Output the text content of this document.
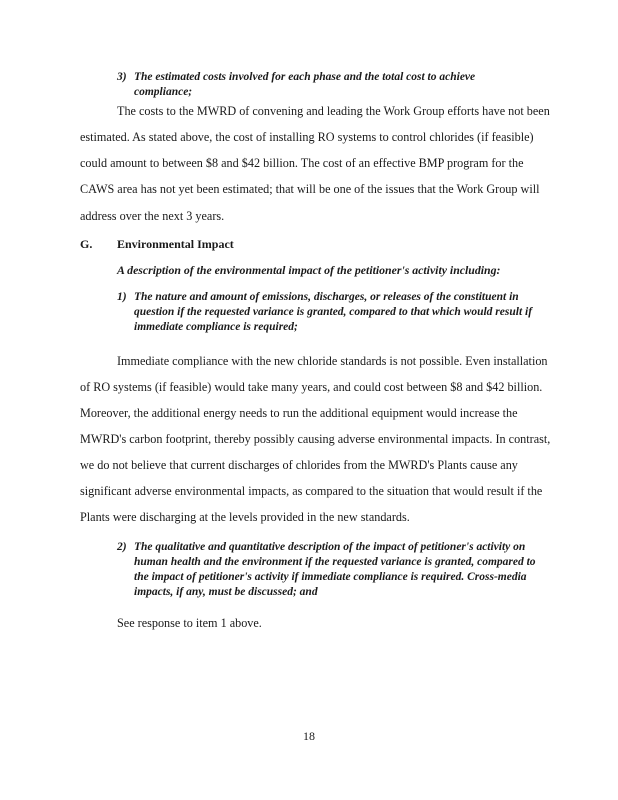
3) The estimated costs involved for each phase and the total cost to achieve compliance;
The costs to the MWRD of convening and leading the Work Group efforts have not been
estimated. As stated above, the cost of installing RO systems to control chlorides (if feasible)
could amount to between $8 and $42 billion. The cost of an effective BMP program for the
CAWS area has not yet been estimated; that will be one of the issues that the Work Group will
address over the next 3 years.
G. Environmental Impact
A description of the environmental impact of the petitioner's activity including:
1) The nature and amount of emissions, discharges, or releases of the constituent in question if the requested variance is granted, compared to that which would result if immediate compliance is required;
Immediate compliance with the new chloride standards is not possible. Even installation
of RO systems (if feasible) would take many years, and could cost between $8 and $42 billion.
Moreover, the additional energy needs to run the additional equipment would increase the
MWRD's carbon footprint, thereby possibly causing adverse environmental impacts. In contrast,
we do not believe that current discharges of chlorides from the MWRD's Plants cause any
significant adverse environmental impacts, as compared to the situation that would result if the
Plants were discharging at the levels provided in the new standards.
2) The qualitative and quantitative description of the impact of petitioner's activity on human health and the environment if the requested variance is granted, compared to the impact of petitioner's activity if immediate compliance is required. Cross-media impacts, if any, must be discussed; and
See response to item 1 above.
18
